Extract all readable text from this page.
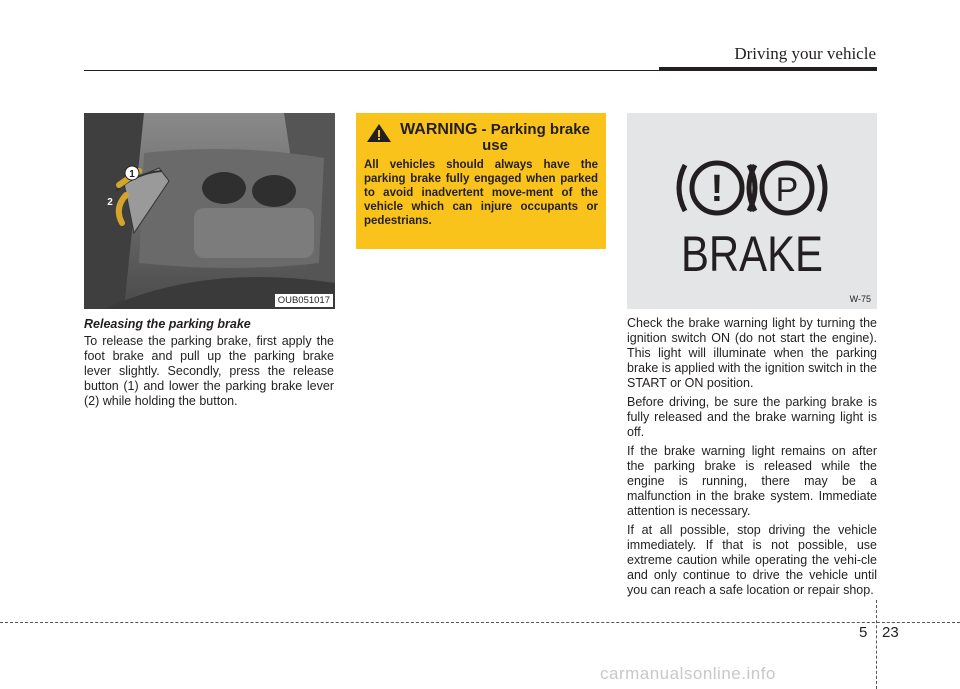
Driving your vehicle
1
2
OUB051017
Releasing the parking brake

To release the parking brake, first apply the foot brake and pull up the parking brake lever slightly. Secondly, press the release button (1) and lower the parking brake lever (2) while holding the button.

WARNING - Parking brake use
All vehicles should always have the parking brake fully engaged when parked to avoid inadvertent move-ment of the vehicle which can injure occupants or pedestrians.
! P
BRAKE
W-75

Check the brake warning light by turning the ignition switch ON (do not start the engine). This light will illuminate when the parking brake is applied with the ignition switch in the START or ON position.

Before driving, be sure the parking brake is fully released and the brake warning light is off.

If the brake warning light remains on after the parking brake is released while the engine is running, there may be a malfunction in the brake system. Immediate attention is necessary.

If at all possible, stop driving the vehicle immediately. If that is not possible, use extreme caution while operating the vehi-cle and only continue to drive the vehicle until you can reach a safe location or repair shop.

5 23
carmanualsonline.info
